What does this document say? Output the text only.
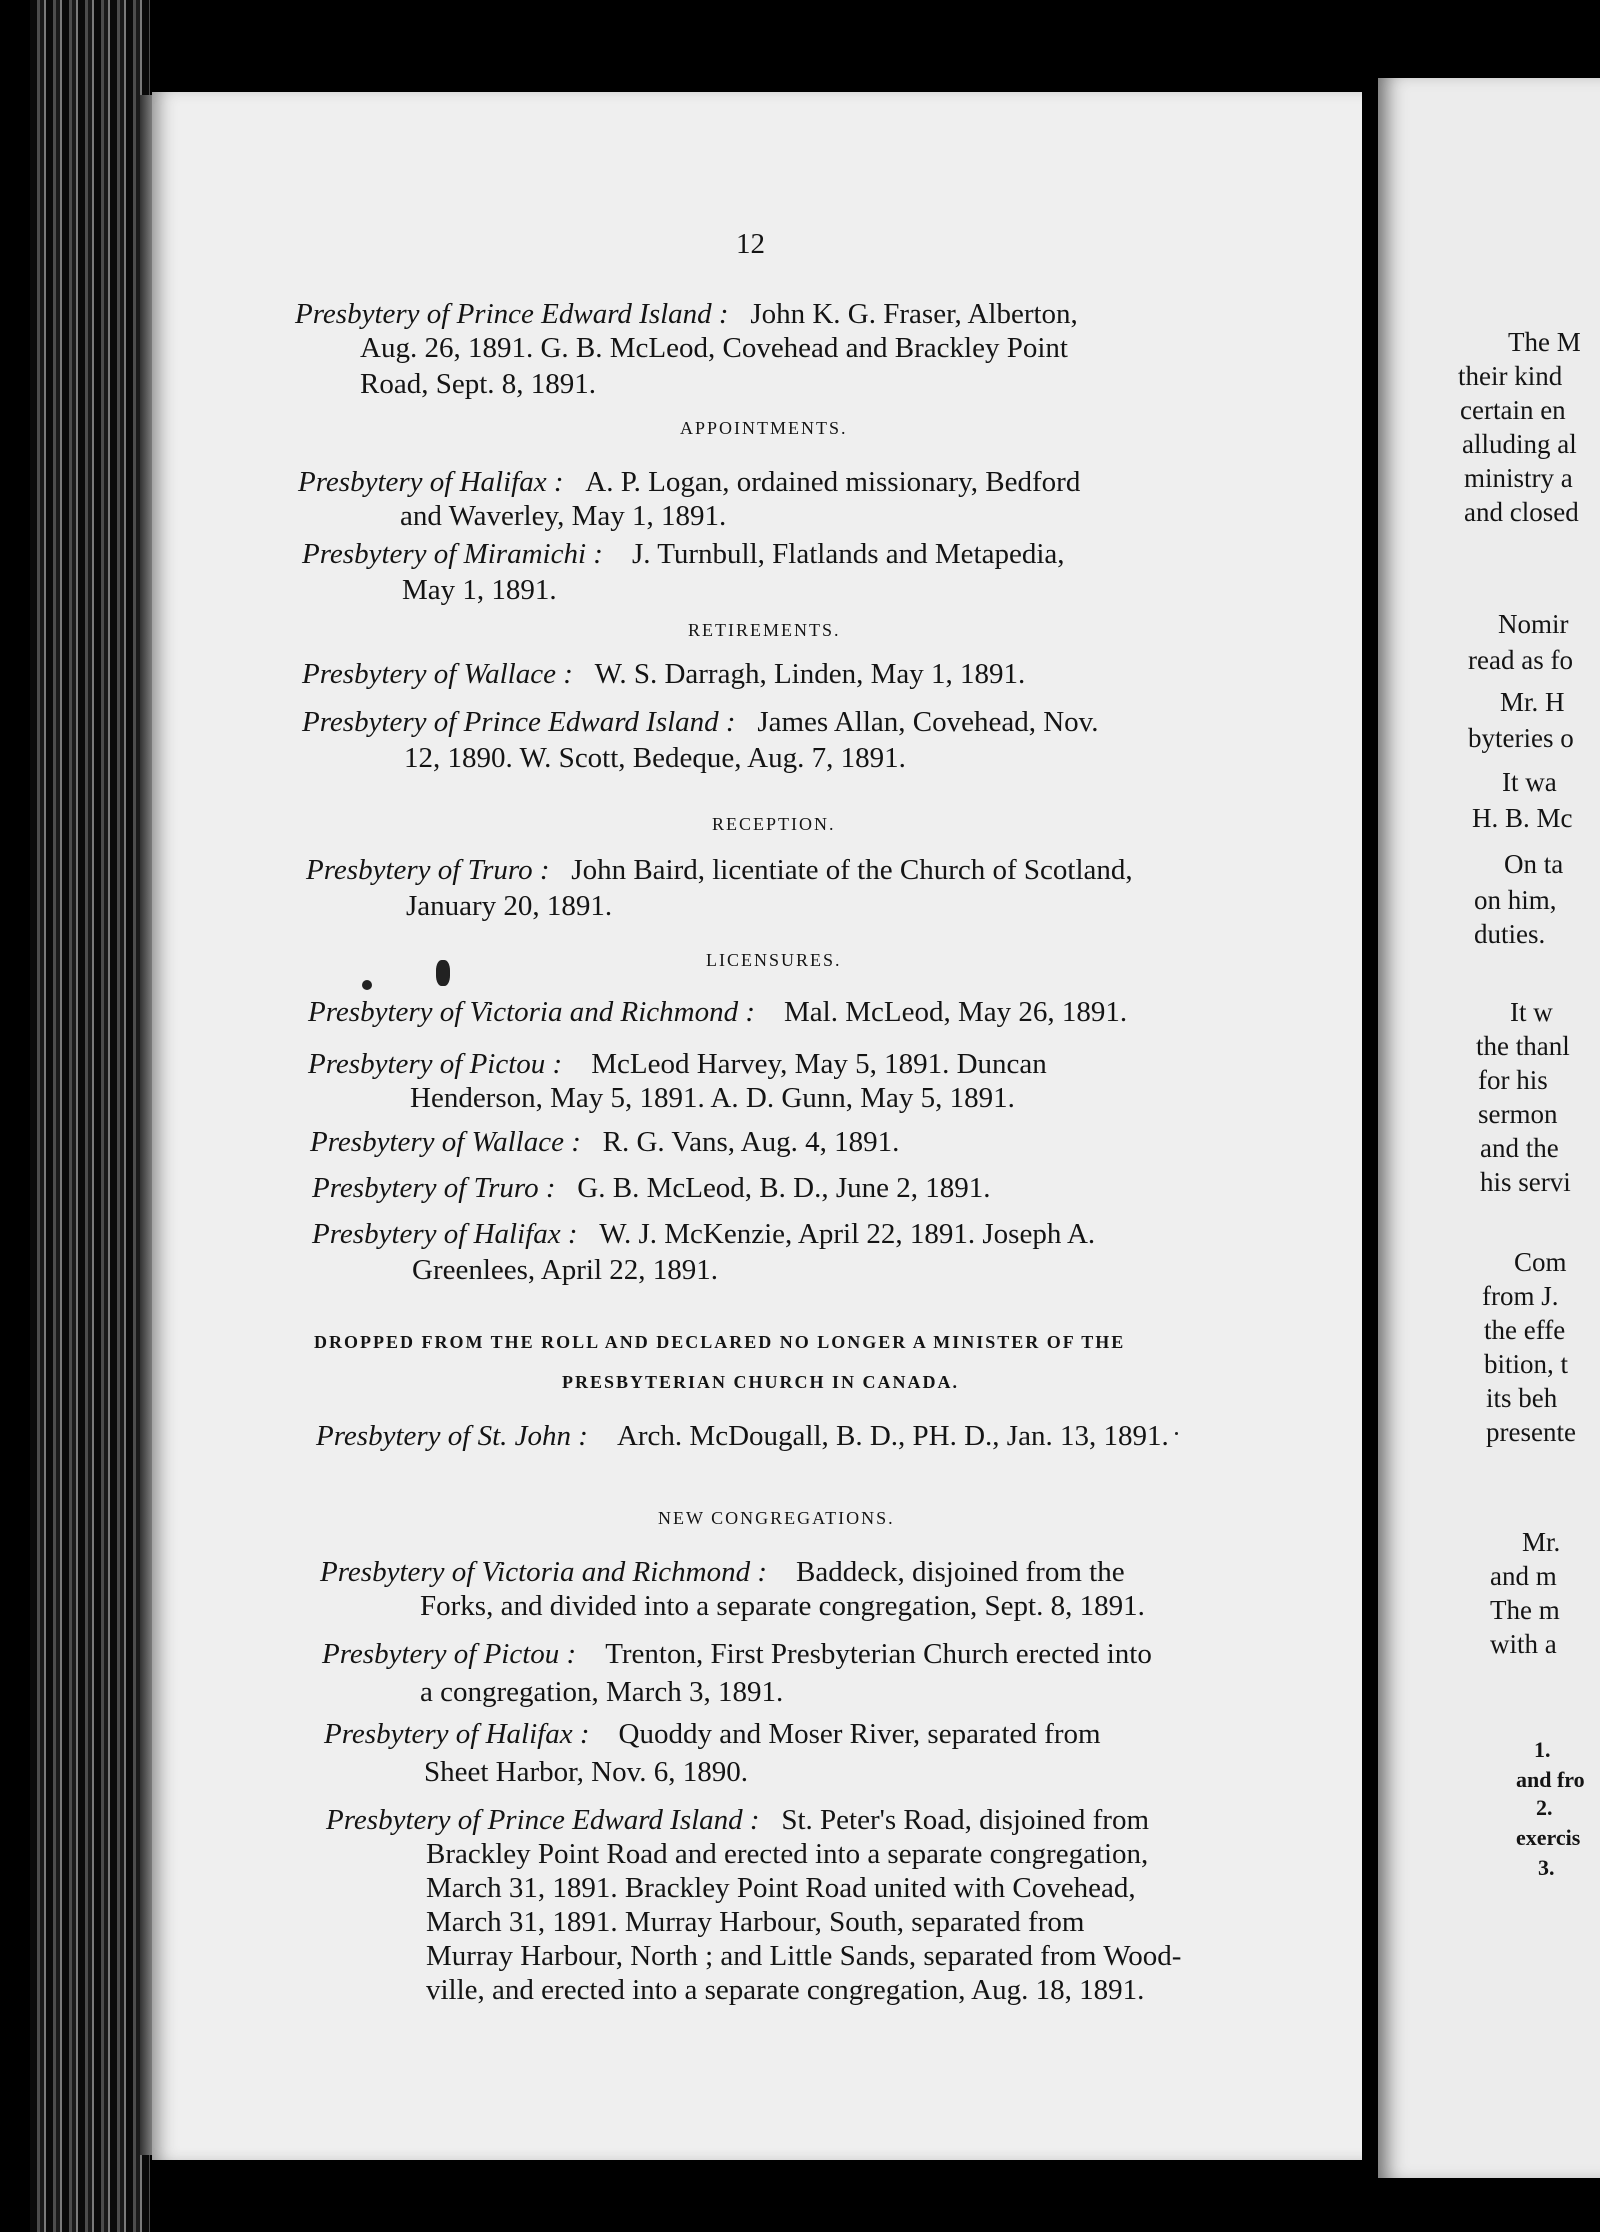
12
Presbytery of Prince Edward Island : John K. G. Fraser, Alberton,
Aug. 26, 1891. G. B. McLeod, Covehead and Brackley Point
Road, Sept. 8, 1891.
APPOINTMENTS.
Presbytery of Halifax : A. P. Logan, ordained missionary, Bedford
and Waverley, May 1, 1891.
Presbytery of Miramichi : J. Turnbull, Flatlands and Metapedia,
May 1, 1891.
RETIREMENTS.
Presbytery of Wallace : W. S. Darragh, Linden, May 1, 1891.
Presbytery of Prince Edward Island : James Allan, Covehead, Nov.
12, 1890. W. Scott, Bedeque, Aug. 7, 1891.
RECEPTION.
Presbytery of Truro : John Baird, licentiate of the Church of Scotland,
January 20, 1891.
LICENSURES.
Presbytery of Victoria and Richmond : Mal. McLeod, May 26, 1891.
Presbytery of Pictou : McLeod Harvey, May 5, 1891. Duncan
Henderson, May 5, 1891. A. D. Gunn, May 5, 1891.
Presbytery of Wallace : R. G. Vans, Aug. 4, 1891.
Presbytery of Truro : G. B. McLeod, B. D., June 2, 1891.
Presbytery of Halifax : W. J. McKenzie, April 22, 1891. Joseph A.
Greenlees, April 22, 1891.
DROPPED FROM THE ROLL AND DECLARED NO LONGER A MINISTER OF THE
PRESBYTERIAN CHURCH IN CANADA.
Presbytery of St. John : Arch. McDougall, B. D., PH. D., Jan. 13, 1891.
NEW CONGREGATIONS.
Presbytery of Victoria and Richmond : Baddeck, disjoined from the
Forks, and divided into a separate congregation, Sept. 8, 1891.
Presbytery of Pictou : Trenton, First Presbyterian Church erected into
a congregation, March 3, 1891.
Presbytery of Halifax : Quoddy and Moser River, separated from
Sheet Harbor, Nov. 6, 1890.
Presbytery of Prince Edward Island : St. Peter's Road, disjoined from
Brackley Point Road and erected into a separate congregation,
March 31, 1891. Brackley Point Road united with Covehead,
March 31, 1891. Murray Harbour, South, separated from
Murray Harbour, North ; and Little Sands, separated from Wood-
ville, and erected into a separate congregation, Aug. 18, 1891.
The M
their kind
certain en
alluding al
ministry a
and closed
Nomir
read as fo
Mr. H
byteries o
It wa
H. B. Mc
On ta
on him,
duties.
It w
the thanl
for his
sermon
and the
his servi
Com
from J.
the effe
bition, t
its beh
presente
Mr.
and m
The m
with a
1.
and fro
2.
exercis
3.
